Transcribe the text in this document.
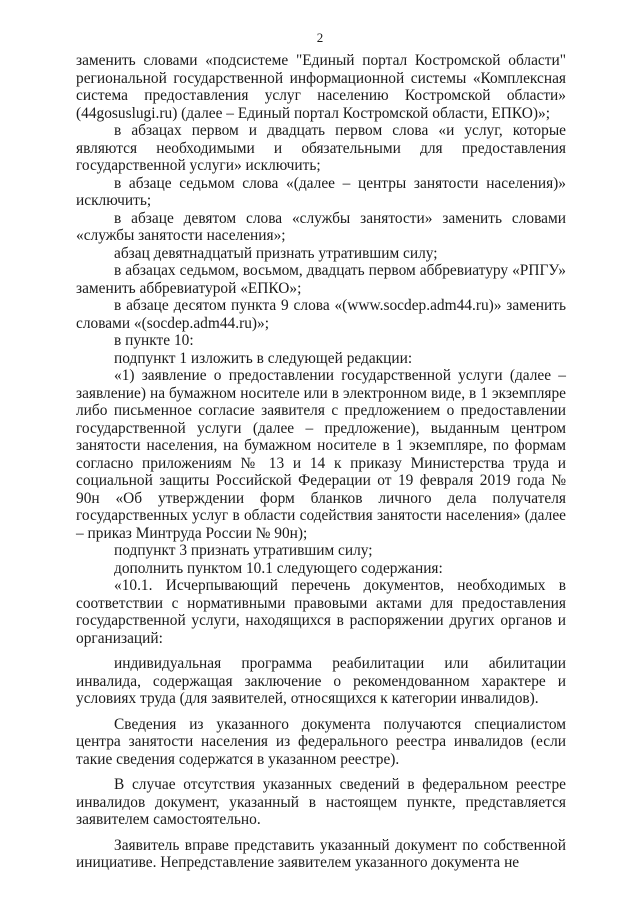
2

заменить словами «подсистеме "Единый портал Костромской области" региональной государственной информационной системы «Комплексная система предоставления услуг населению Костромской области» (44gosuslugi.ru) (далее – Единый портал Костромской области, ЕПКО)»;

в абзацах первом и двадцать первом слова «и услуг, которые являются необходимыми и обязательными для предоставления государственной услуги» исключить;

в абзаце седьмом слова «(далее – центры занятости населения)» исключить;

в абзаце девятом слова «службы занятости» заменить словами «службы занятости населения»;

абзац девятнадцатый признать утратившим силу;

в абзацах седьмом, восьмом, двадцать первом аббревиатуру «РПГУ» заменить аббревиатурой «ЕПКО»;

в абзаце десятом пункта 9 слова «(www.socdep.adm44.ru)» заменить словами «(socdep.adm44.ru)»;

в пункте 10:

подпункт 1 изложить в следующей редакции:

«1) заявление о предоставлении государственной услуги (далее – заявление) на бумажном носителе или в электронном виде, в 1 экземпляре либо письменное согласие заявителя с предложением о предоставлении государственной услуги (далее – предложение), выданным центром занятости населения, на бумажном носителе в 1 экземпляре, по формам согласно приложениям № 13 и 14 к приказу Министерства труда и социальной защиты Российской Федерации от 19 февраля 2019 года № 90н «Об утверждении форм бланков личного дела получателя государственных услуг в области содействия занятости населения» (далее – приказ Минтруда России № 90н);

подпункт 3 признать утратившим силу;

дополнить пунктом 10.1 следующего содержания:

«10.1. Исчерпывающий перечень документов, необходимых в соответствии с нормативными правовыми актами для предоставления государственной услуги, находящихся в распоряжении других органов и организаций:

индивидуальная программа реабилитации или абилитации инвалида, содержащая заключение о рекомендованном характере и условиях труда (для заявителей, относящихся к категории инвалидов).

Сведения из указанного документа получаются специалистом центра занятости населения из федерального реестра инвалидов (если такие сведения содержатся в указанном реестре).

В случае отсутствия указанных сведений в федеральном реестре инвалидов документ, указанный в настоящем пункте, представляется заявителем самостоятельно.

Заявитель вправе представить указанный документ по собственной инициативе. Непредставление заявителем указанного документа не
